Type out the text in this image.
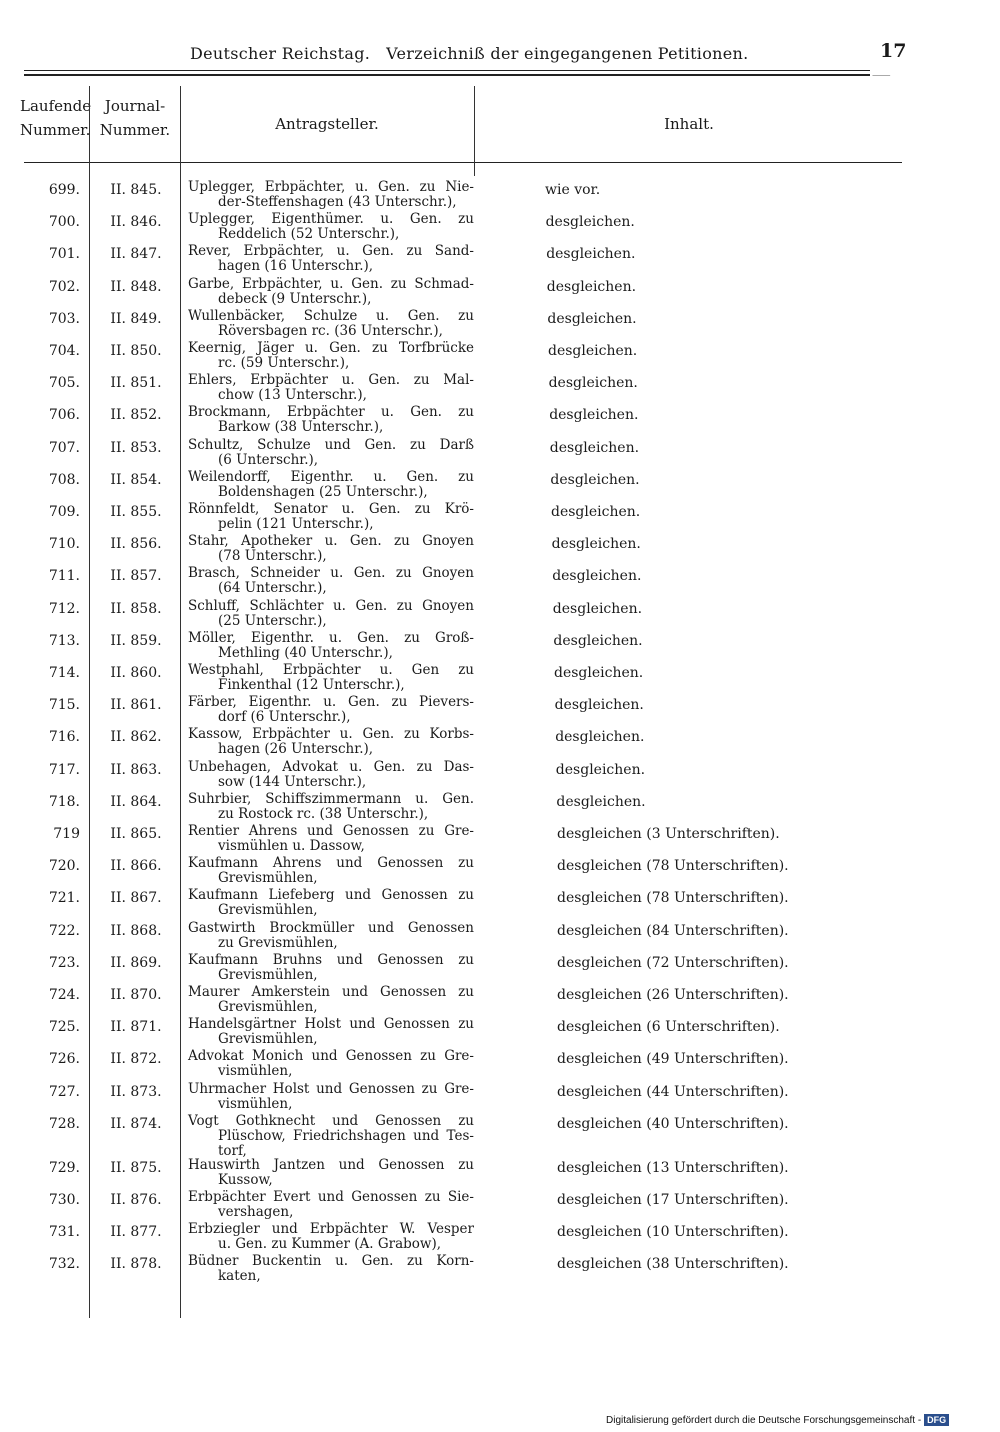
Deutscher Reichstag. Verzeichniß der eingegangenen Petitionen.	17
⸺
Laufende
Nummer.
Journal-
Nummer.	Antragsteller.	Inhalt.
699.	II. 845.	Uplegger, Erbpächter, u. Gen. zu Nie-
der-Steffenshagen (43 Unterschr.),
wie vor.
700.	II. 846.	Uplegger, Eigenthümer. u. Gen. zu
Reddelich (52 Unterschr.),
desgleichen.
701.	II. 847.	Rever, Erbpächter, u. Gen. zu Sand-
hagen (16 Unterschr.),
desgleichen.
702.	II. 848.	Garbe, Erbpächter, u. Gen. zu Schmad-
debeck (9 Unterschr.),
desgleichen.
703.	II. 849.	Wullenbäcker, Schulze u. Gen. zu
Röversbagen rc. (36 Unterschr.),
desgleichen.
704.	II. 850.	Keernig, Jäger u. Gen. zu Torfbrücke
rc. (59 Unterschr.),
desgleichen.
705.	II. 851.	Ehlers, Erbpächter u. Gen. zu Mal-
chow (13 Unterschr.),
desgleichen.
706.	II. 852.	Brockmann, Erbpächter u. Gen. zu
Barkow (38 Unterschr.),
desgleichen.
707.	II. 853.	Schultz, Schulze und Gen. zu Darß
(6 Unterschr.),
desgleichen.
708.	II. 854.	Weilendorff, Eigenthr. u. Gen. zu
Boldenshagen (25 Unterschr.),
desgleichen.
709.	II. 855.	Rönnfeldt, Senator u. Gen. zu Krö-
pelin (121 Unterschr.),
desgleichen.
710.	II. 856.	Stahr, Apotheker u. Gen. zu Gnoyen
(78 Unterschr.),
desgleichen.
711.	II. 857.	Brasch, Schneider u. Gen. zu Gnoyen
(64 Unterschr.),
desgleichen.
712.	II. 858.	Schluff, Schlächter u. Gen. zu Gnoyen
(25 Unterschr.),
desgleichen.
713.	II. 859.	Möller, Eigenthr. u. Gen. zu Groß-
Methling (40 Unterschr.),
desgleichen.
714.	II. 860.	Westphahl, Erbpächter u. Gen zu
Finkenthal (12 Unterschr.),
desgleichen.
715.	II. 861.	Färber, Eigenthr. u. Gen. zu Pievers-
dorf (6 Unterschr.),
desgleichen.
716.	II. 862.	Kassow, Erbpächter u. Gen. zu Korbs-
hagen (26 Unterschr.),
desgleichen.
717.	II. 863.	Unbehagen, Advokat u. Gen. zu Das-
sow (144 Unterschr.),
desgleichen.
718.	II. 864.	Suhrbier, Schiffszimmermann u. Gen.
zu Rostock rc. (38 Unterschr.),
desgleichen.
719	II. 865.	Rentier Ahrens und Genossen zu Gre-
vismühlen u. Dassow,
desgleichen (3 Unterschriften).
720.	II. 866.	Kaufmann Ahrens und Genossen zu
Grevismühlen,
desgleichen (78 Unterschriften).
721.	II. 867.	Kaufmann Liefeberg und Genossen zu
Grevismühlen,
desgleichen (78 Unterschriften).
722.	II. 868.	Gastwirth Brockmüller und Genossen
zu Grevismühlen,
desgleichen (84 Unterschriften).
723.	II. 869.	Kaufmann Bruhns und Genossen zu
Grevismühlen,
desgleichen (72 Unterschriften).
724.	II. 870.	Maurer Amkerstein und Genossen zu
Grevismühlen,
desgleichen (26 Unterschriften).
725.	II. 871.	Handelsgärtner Holst und Genossen zu
Grevismühlen,
desgleichen (6 Unterschriften).
726.	II. 872.	Advokat Monich und Genossen zu Gre-
vismühlen,
desgleichen (49 Unterschriften).
727.	II. 873.	Uhrmacher Holst und Genossen zu Gre-
vismühlen,
desgleichen (44 Unterschriften).
728.	II. 874.	Vogt Gothknecht und Genossen zu
Plüschow, Friedrichshagen und Tes-
torf,
desgleichen (40 Unterschriften).
729.	II. 875.	Hauswirth Jantzen und Genossen zu
Kussow,
desgleichen (13 Unterschriften).
730.	II. 876.	Erbpächter Evert und Genossen zu Sie-
vershagen,
desgleichen (17 Unterschriften).
731.	II. 877.	Erbziegler und Erbpächter W. Vesper
u. Gen. zu Kummer (A. Grabow),
desgleichen (10 Unterschriften).
732.	II. 878.	Büdner Buckentin u. Gen. zu Korn-
katen,
desgleichen (38 Unterschriften).
Digitalisierung gefördert durch die Deutsche Forschungsgemeinschaft - DFG
